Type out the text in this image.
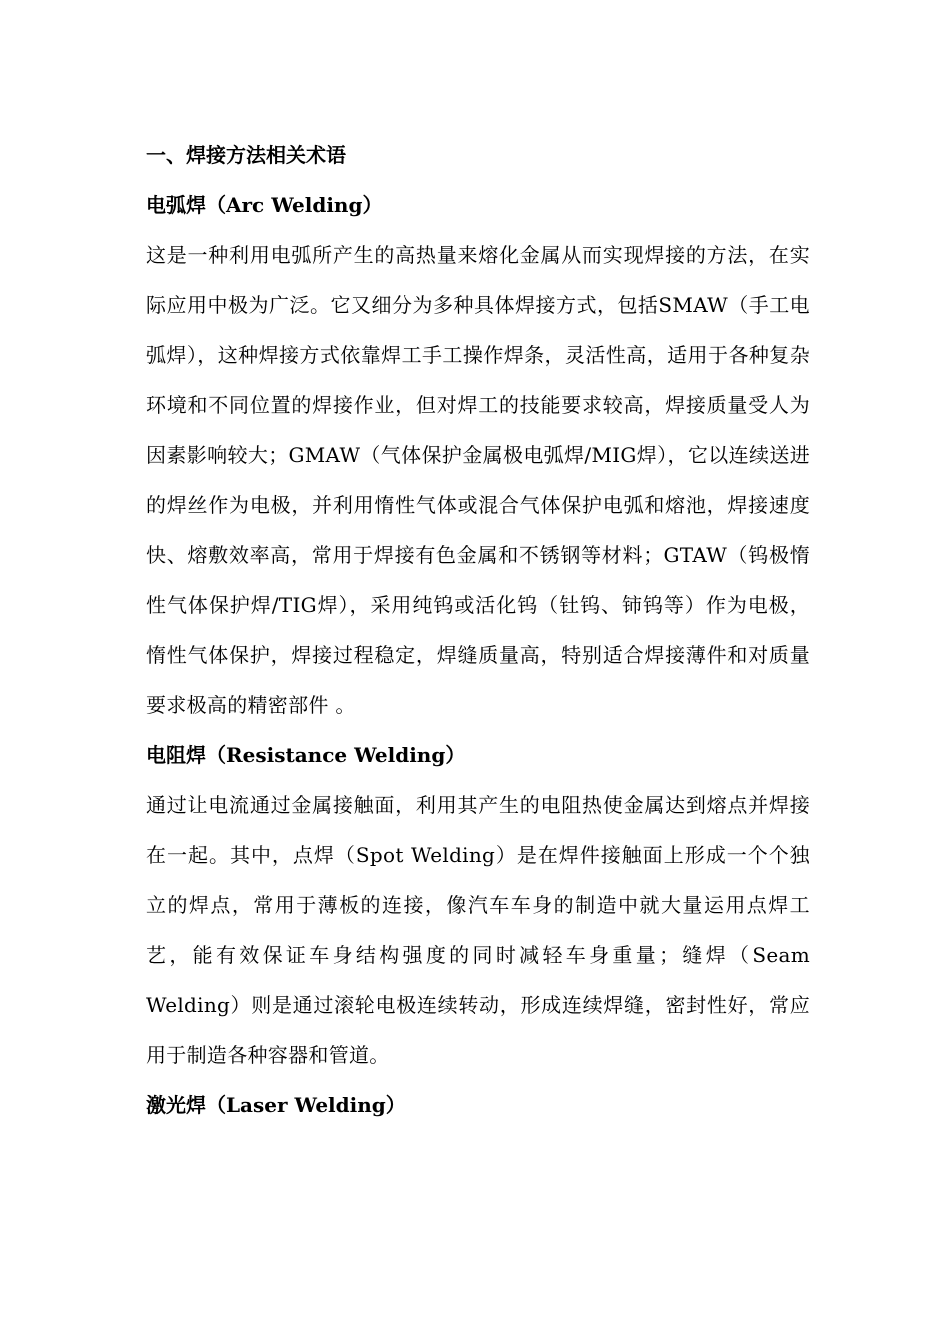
一、焊接方法相关术语
电弧焊（Arc Welding）

这是一种利用电弧所产生的高热量来熔化金属从而实现焊接的方法，在实际应用中极为广泛。它又细分为多种具体焊接方式，包括SMAW（手工电弧焊），这种焊接方式依靠焊工手工操作焊条，灵活性高，适用于各种复杂环境和不同位置的焊接作业，但对焊工的技能要求较高，焊接质量受人为因素影响较大；GMAW（气体保护金属极电弧焊/MIG焊），它以连续送进的焊丝作为电极，并利用惰性气体或混合气体保护电弧和熔池，焊接速度快、熔敷效率高，常用于焊接有色金属和不锈钢等材料；GTAW（钨极惰性气体保护焊/TIG焊），采用纯钨或活化钨（钍钨、铈钨等）作为电极，惰性气体保护，焊接过程稳定，焊缝质量高，特别适合焊接薄件和对质量要求极高的精密部件 。

电阻焊（Resistance Welding）

通过让电流通过金属接触面，利用其产生的电阻热使金属达到熔点并焊接在一起。其中，点焊（Spot Welding）是在焊件接触面上形成一个个独立的焊点，常用于薄板的连接，像汽车车身的制造中就大量运用点焊工艺，能有效保证车身结构强度的同时减轻车身重量；缝焊（Seam Welding）则是通过滚轮电极连续转动，形成连续焊缝，密封性好，常应用于制造各种容器和管道。

激光焊（Laser Welding）
